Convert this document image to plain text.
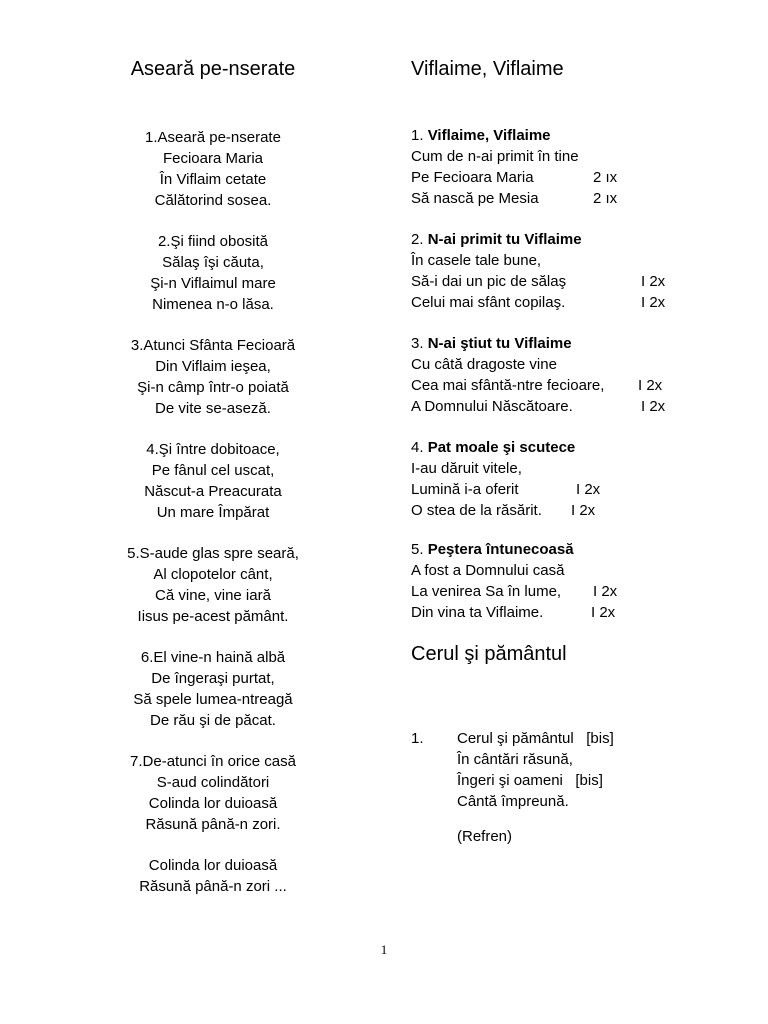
Aseară pe-nserate
1.Aseară pe-nserate
Fecioara Maria
În Viflaim cetate
Călătorind sosea.
2.Şi fiind obosită
Sălaş îşi căuta,
Şi-n Viflaimul mare
Nimenea n-o lăsa.
3.Atunci Sfânta Fecioară
Din Viflaim ieşea,
Şi-n câmp într-o poiată
De vite se-aseză.
4.Şi între dobitoace,
Pe fânul cel uscat,
Născut-a Preacurata
Un mare Împărat
5.S-aude glas spre seară,
Al clopotelor cânt,
Că vine, vine iară
Iisus pe-acest pământ.
6.El vine-n haină albă
De îngeraşi purtat,
Să spele lumea-ntreagă
De rău şi de păcat.
7.De-atunci în orice casă
S-aud colindători
Colinda lor duioasă
Răsună până-n zori.
Colinda lor duioasă
Răsună până-n zori ...
Viflaime, Viflaime
1.
Viflaime, Viflaime
Cum de n-ai primit în tine
Pe Fecioara Maria	2 ıx
Să nască pe Mesia	2 ıx
2.
N-ai primit tu Viflaime
În casele tale bune,
Să-i dai un pic de sălaş	I 2x
Celui mai sfânt copilaş.	I 2x
3.
N-ai ştiut tu Viflaime
Cu câtă dragoste vine
Cea mai sfântă-ntre fecioare, I 2x
A Domnului Născătoare.	I 2x
4.
Pat moale şi scutece
I-au dăruit vitele,
Lumină i-a oferit	I 2x
O stea de la răsărit. I 2x
5.
Peştera întunecoasă
A fost a Domnului casă
La venirea Sa în lume, I 2x
Din vina ta Viflaime.	I 2x
Cerul şi pământul
1.	Cerul şi pământul   [bis]
În cântări răsună,
Îngeri şi oameni   [bis]
Cântă împreună.
(Refren)
1
